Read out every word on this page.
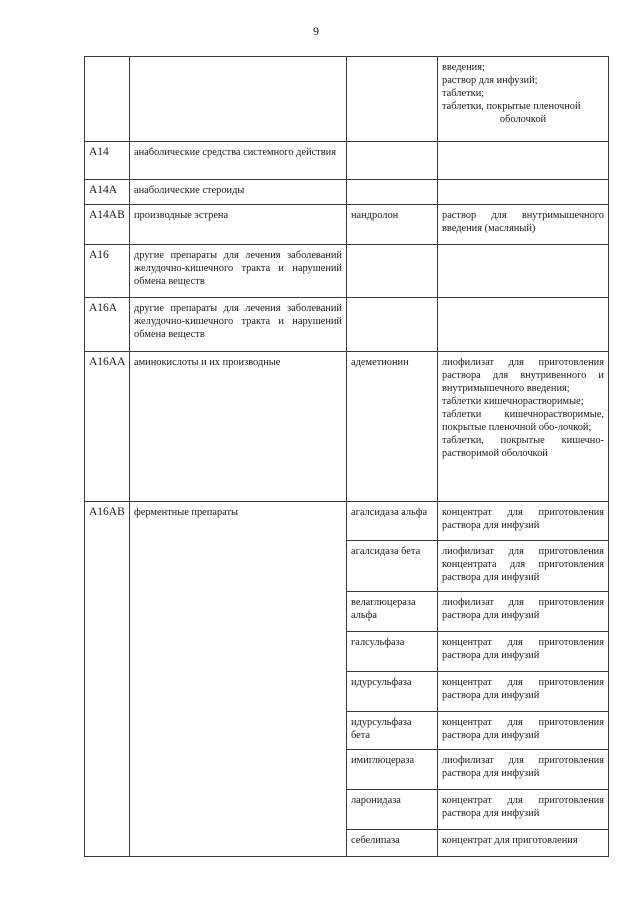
9

			введения;
раствор для инфузий;
таблетки;
таблетки, покрытые пленочной
оболочкой

A14	анаболические средства системного действия		
A14A	анаболические стероиды		
A14AB	производные эстрена	нандролон	раствор для внутримышечного введения (масляный)
A16	другие препараты для лечения заболеваний желудочно-кишечного тракта и нарушений обмена веществ		
A16A	другие препараты для лечения заболеваний желудочно-кишечного тракта и нарушений обмена веществ		
A16AA	аминокислоты и их производные	адеметионин	лиофилизат для приготовления раствора для внутривенного и внутримышечного введения;
таблетки кишечнорастворимые;
таблетки кишечнорастворимые, покрытые пленочной обо-лочкой;
таблетки, покрытые кишечно-растворимой оболочкой

A16AB	ферментные препараты	агалсидаза альфа	концентрат для приготовления раствора для инфузий
		агалсидаза бета	лиофилизат для приготовления концентрата для приготовления раствора для инфузий
		велаглюцераза альфа	лиофилизат для приготовления раствора для инфузий
		галсульфаза	концентрат для приготовления раствора для инфузий
		идурсульфаза	концентрат для приготовления раствора для инфузий
		идурсульфаза бета	концентрат для приготовления раствора для инфузий
		имиглюцераза	лиофилизат для приготовления раствора для инфузий
		ларонидаза	концентрат для приготовления раствора для инфузий
		себелипаза	концентрат для приготовления
